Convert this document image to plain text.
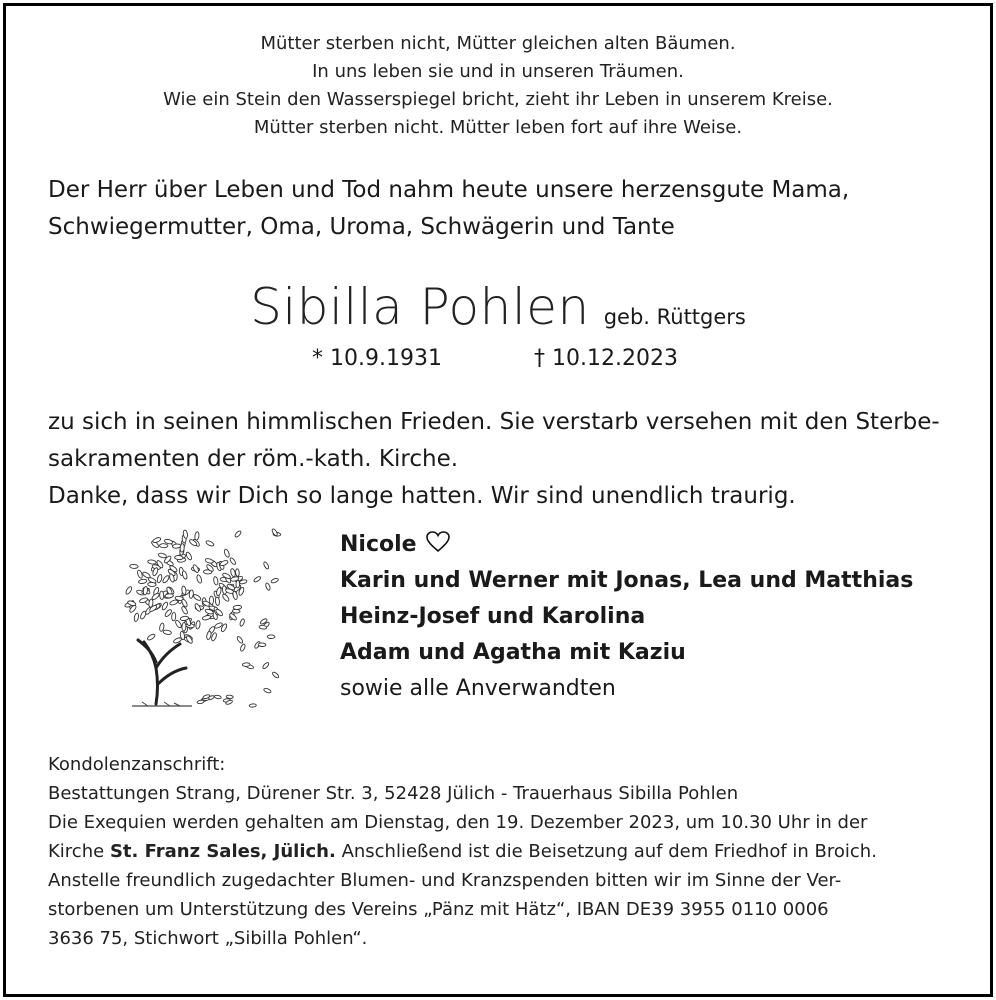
Mütter sterben nicht, Mütter gleichen alten Bäumen.
In uns leben sie und in unseren Träumen.
Wie ein Stein den Wasserspiegel bricht, zieht ihr Leben in unserem Kreise.
Mütter sterben nicht. Mütter leben fort auf ihre Weise.
Der Herr über Leben und Tod nahm heute unsere herzensgute Mama,
Schwiegermutter, Oma, Uroma, Schwägerin und Tante
Sibilla Pohlen geb. Rüttgers
* 10.9.1931	† 10.12.2023
zu sich in seinen himmlischen Frieden. Sie verstarb versehen mit den Sterbe-
sakramenten der röm.-kath. Kirche.
Danke, dass wir Dich so lange hatten. Wir sind unendlich traurig.
Nicole
Karin und Werner mit Jonas, Lea und Matthias
Heinz-Josef und Karolina
Adam und Agatha mit Kaziu
sowie alle Anverwandten
Kondolenzanschrift:
Bestattungen Strang, Dürener Str. 3, 52428 Jülich - Trauerhaus Sibilla Pohlen
Die Exequien werden gehalten am Dienstag, den 19. Dezember 2023, um 10.30 Uhr in der
Kirche St. Franz Sales, Jülich. Anschließend ist die Beisetzung auf dem Friedhof in Broich.
Anstelle freundlich zugedachter Blumen- und Kranzspenden bitten wir im Sinne der Ver-
storbenen um Unterstützung des Vereins „Pänz mit Hätz“, IBAN DE39 3955 0110 0006
3636 75, Stichwort „Sibilla Pohlen“.
